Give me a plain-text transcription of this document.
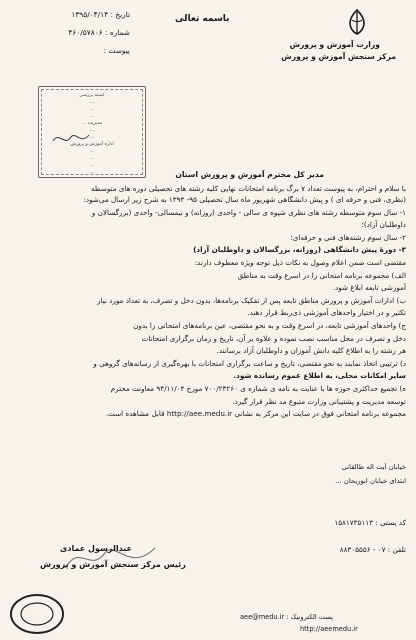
وزارت آموزش و پرورش
مرکز سنجش آموزش و پرورش
باسمه تعالی
تاریخ : ۱۳۹۵/۰۴/۱۴
شماره : ۴۶۰/۵۷۸۰۶
پیوست :
کمیته بررسی
...
...
...
مدیریت ...
...
...
اداره آموزش و پرورش
...
...
...
...	مدیر کل محترم آموزش و پرورش استان
با سلام و احترام، به پیوست تعداد ۷ برگ برنامه امتحانات نهایی کلیه رشته های تحصیلی دوره های متوسطه
(نظری، فنی و حرفه ای ) و پیش دانشگاهی شهریور ماه سال تحصیلی ۹۵- ۱۳۹۴ به شرح زیر ارسال می‌شود:
۱- سال سوم متوسطه رشته های نظری شیوه ی سالی - واحدی (روزانه) و نیمسالی- واحدی (بزرگسالان و
داوطلبان آزاد)؛
۲- سال سوم رشته‌های فنی و حرفه‌ای؛
۳- دوره‌ٔ پیش دانشگاهی (روزانه، بزرگسالان و داوطلبان آزاد)
مقتضی است ضمن اعلام وصول به نکات ذیل توجه ویژه معطوف دارند:
الف) مجموعه برنامه امتحانی را در اسرع وقت به مناطق
آموزشی تابعه ابلاغ شود.
ب) ادارات آموزش و پرورش مناطق تابعه پس از تفکیک برنامه‌ها، بدون دخل و تصرف، به تعداد مورد نیاز
تکثیر و در اختیار واحدهای آموزشی ذی‌ربط قرار دهند.
ج) واحدهای آموزشی تابعه، در اسرع وقت و به نحو مقتضی، عین برنامه‌های امتحانی را بدون
دخل و تصرف در محل مناسب نصب نموده و علاوه بر آن، تاریخ و زمان برگزاری امتحانات
هر رشته را به اطلاع کلیه دانش آموزان و داوطلبان آزاد برسانند.
د) ترتیبی اتخاذ نمایند به نحو مقتضی، تاریخ و ساعت برگزاری امتحانات با بهره‌گیری از رسانه‌های گروهی و
سایر امکانات محلی، به اطلاع عموم رسانده شود.
ه) تجمیع حداکثری حوزه ها با عنایت به نامه ی شماره ی ۷۰۰/۲۳۲۶۰ مورخ ۹۴/۱۱/۰۴ معاونت محترم
توسعه مدیریت و پشتیبانی وزارت متبوع مد نظر قرار گیرد.
مجموعه برنامه امتحانی فوق در سایت این مرکز به نشانی http://aee.medu.ir قابل مشاهده است.
خیابان آیت اله طالقانی
ابتدای خیابان ابوریحان ...
کد پستی : ۱۵۸۱۷۳۵۱۱۳
تلفن : ۰۷ - ۸۸۳۰۵۵۵۶
عبدالرسول عمادی
رئیس مرکز سنجش آموزش و پرورش
پست الکترونیک : aee@medu.ir
http://aeemedu.ir
